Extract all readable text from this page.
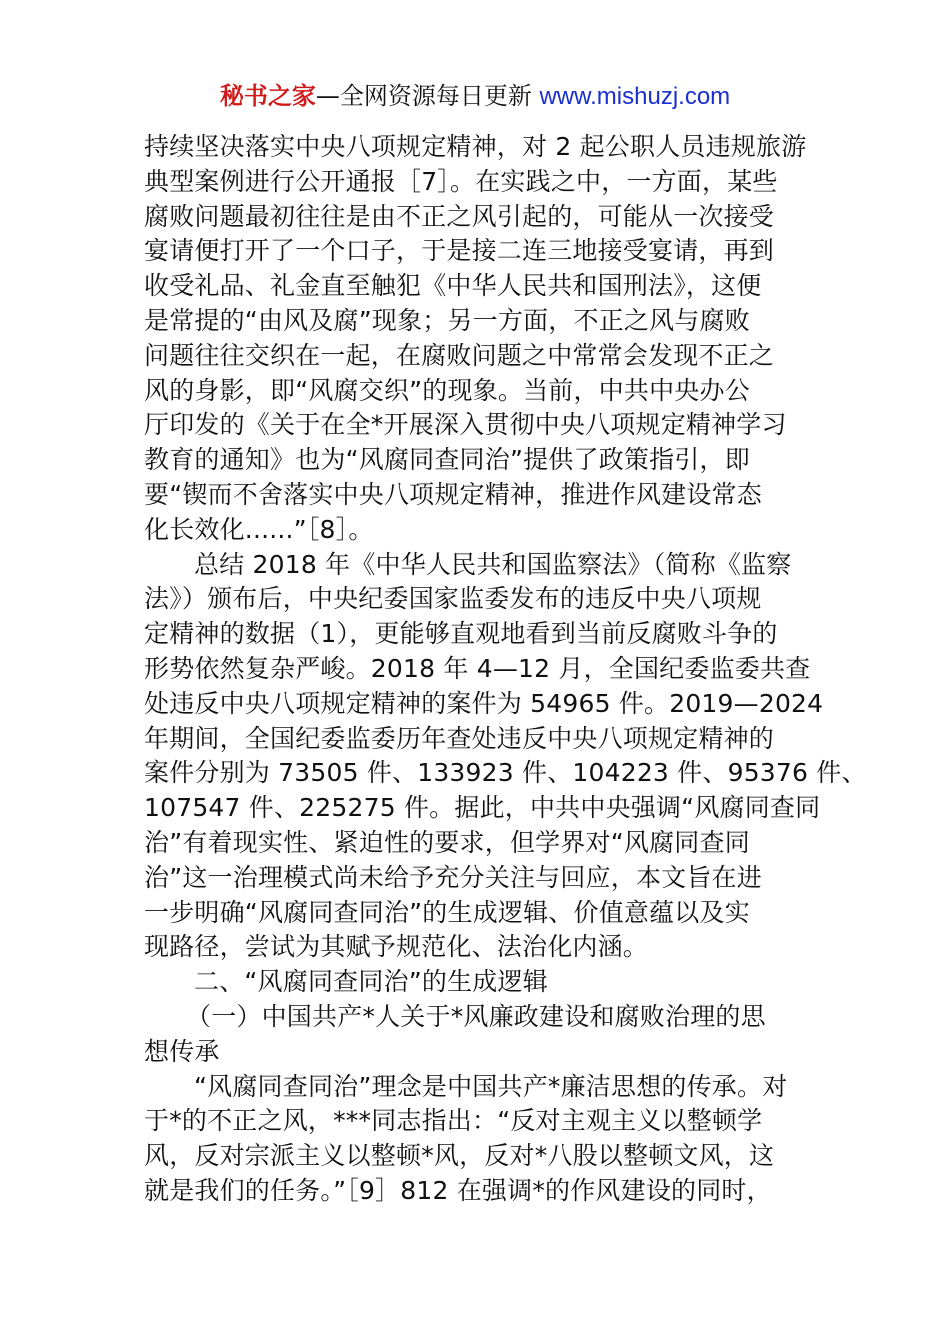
秘书之家—全网资源每日更新 www.mishuzj.com
持续坚决落实中央八项规定精神，对 2 起公职人员违规旅游
典型案例进行公开通报［7］。在实践之中，一方面，某些
腐败问题最初往往是由不正之风引起的，可能从一次接受
宴请便打开了一个口子，于是接二连三地接受宴请，再到
收受礼品、礼金直至触犯《中华人民共和国刑法》，这便
是常提的“由风及腐”现象；另一方面，不正之风与腐败
问题往往交织在一起，在腐败问题之中常常会发现不正之
风的身影，即“风腐交织”的现象。当前，中共中央办公
厅印发的《关于在全*开展深入贯彻中央八项规定精神学习
教育的通知》也为“风腐同查同治”提供了政策指引，即
要“锲而不舍落实中央八项规定精神，推进作风建设常态
化长效化......”［8］。
总结 2018 年《中华人民共和国监察法》（简称《监察
法》）颁布后，中央纪委国家监委发布的违反中央八项规
定精神的数据（1），更能够直观地看到当前反腐败斗争的
形势依然复杂严峻。2018 年 4—12 月，全国纪委监委共查
处违反中央八项规定精神的案件为 54965 件。2019—2024
年期间，全国纪委监委历年查处违反中央八项规定精神的
案件分别为 73505 件、133923 件、104223 件、95376 件、
107547 件、225275 件。据此，中共中央强调“风腐同查同
治”有着现实性、紧迫性的要求，但学界对“风腐同查同
治”这一治理模式尚未给予充分关注与回应，本文旨在进
一步明确“风腐同查同治”的生成逻辑、价值意蕴以及实
现路径，尝试为其赋予规范化、法治化内涵。
二、“风腐同查同治”的生成逻辑
（一）中国共产*人关于*风廉政建设和腐败治理的思
想传承
“风腐同查同治”理念是中国共产*廉洁思想的传承。对
于*的不正之风，***同志指出：“反对主观主义以整顿学
风，反对宗派主义以整顿*风，反对*八股以整顿文风，这
就是我们的任务。”［9］812 在强调*的作风建设的同时，
